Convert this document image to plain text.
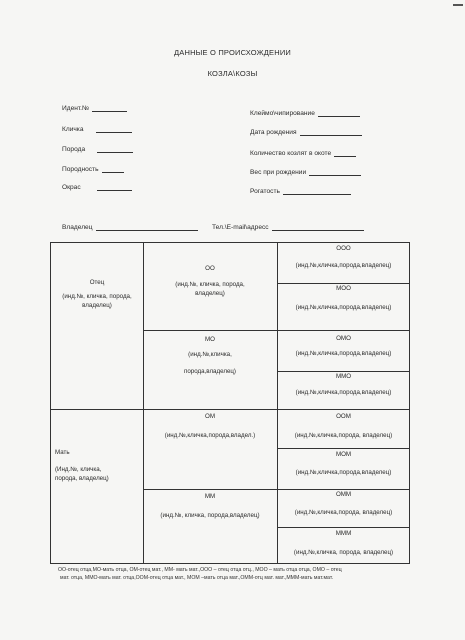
ДАННЫЕ О ПРОИСХОЖДЕНИИ
КОЗЛА\КОЗЫ
Идент.№
Кличка
Порода
Породность
Окрас
Клеймо\чипирование
Дата рождения
Количество козлят в окоте
Вес при рождении
Рогатость
Владелец	Тел.\E-mail\адресс
Отец
(инд.№, кличка, порода, владелец)
Мать
(Инд.№, кличка, порода, владелец)
ОО
(инд.№, кличка, порода, владелец)
МО
(инд.№,кличка,
порода,владелец)
ОМ
(инд.№,кличка,порода,владел.)
ММ
(инд.№, кличка, порода,владелец)
ООО
(инд.№,кличка,порода,владелец)
МОО
(инд.№,кличка,порода,владелец)
ОМО
(инд.№,кличка,порода,владелец)
ММО
(инд.№,кличка,порода,владелец)
ООМ
(инд.№,кличка,порода, владелец)
МОМ
(инд.№,кличка,порода,владелец)
ОММ
(инд.№,кличка,порода, владелец)
МММ
(инд.№,кличка, порода, владелец)
ОО-отец отца,МО-мать отца, ОМ-отец мат., ММ- мать мат.,ООО – отец отца отц., МОО – мать отца отца, ОМО – отец
мат. отца, ММО-мать мат. отца,ООМ-отец отца мат., МОМ –мать отца мат.,ОММ-отц мат. мат.,МММ-мать мат.мат.
